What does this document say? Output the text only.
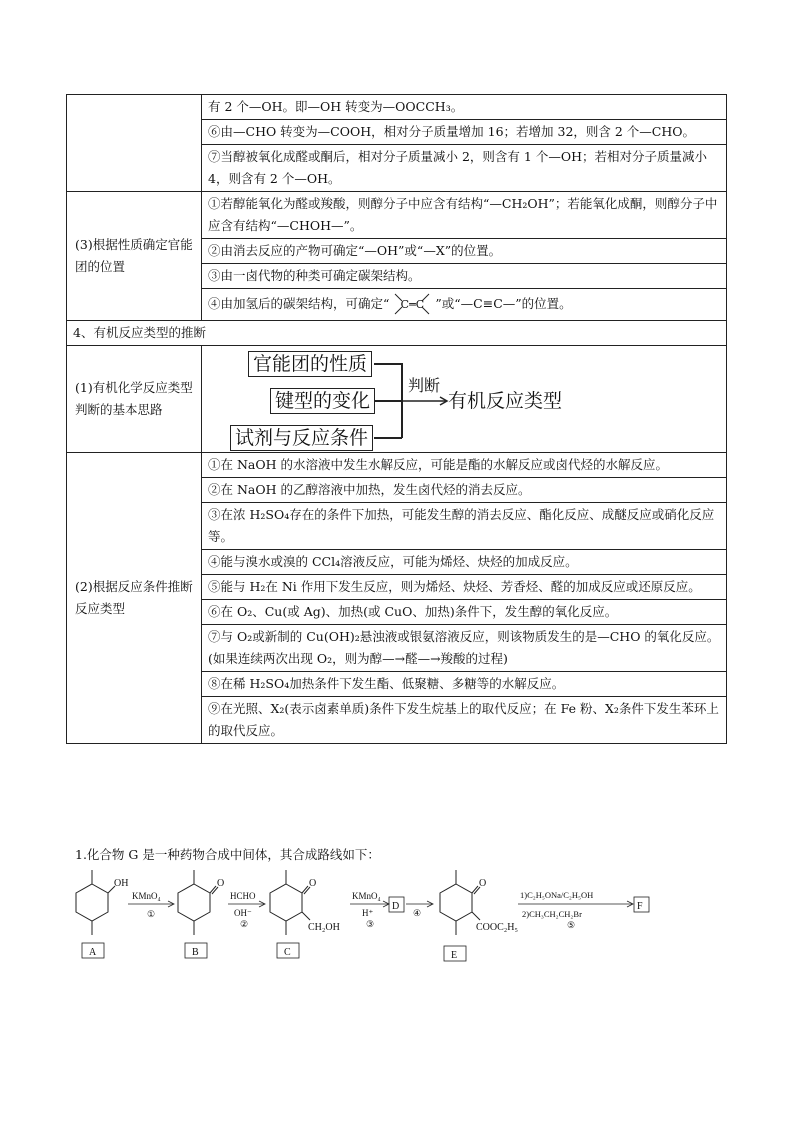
	有 2 个—OH。即—OH 转变为—OOCCH₃。
	⑥由—CHO 转变为—COOH，相对分子质量增加 16；若增加 32，则含 2 个—CHO。
	⑦当醇被氧化成醛或酮后，相对分子质量减小 2，则含有 1 个—OH；若相对分子质量减小 4，则含有 2 个—OH。
(3)根据性质确定官能团的位置	①若醇能氧化为醛或羧酸，则醇分子中应含有结构“—CH₂OH”；若能氧化成酮，则醇分子中应含有结构“—CHOH—”。
	②由消去反应的产物可确定“—OH”或“—X”的位置。
	③由一卤代物的种类可确定碳架结构。
	④由加氢后的碳架结构，可确定“ C═C ”或“—C≡C—”的位置。
4、有机反应类型的推断	
(1)有机化学反应类型判断的基本思路	官能团的性质
键型的变化
试剂与反应条件
判断
有机反应类型

(2)根据反应条件推断反应类型	①在 NaOH 的水溶液中发生水解反应，可能是酯的水解反应或卤代烃的水解反应。
	②在 NaOH 的乙醇溶液中加热，发生卤代烃的消去反应。
	③在浓 H₂SO₄存在的条件下加热，可能发生醇的消去反应、酯化反应、成醚反应或硝化反应等。
	④能与溴水或溴的 CCl₄溶液反应，可能为烯烃、炔烃的加成反应。
	⑤能与 H₂在 Ni 作用下发生反应，则为烯烃、炔烃、芳香烃、醛的加成反应或还原反应。
	⑥在 O₂、Cu(或 Ag)、加热(或 CuO、加热)条件下，发生醇的氧化反应。
	⑦与 O₂或新制的 Cu(OH)₂悬浊液或银氨溶液反应，则该物质发生的是—CHO 的氧化反应。(如果连续两次出现 O₂，则为醇—→醛—→羧酸的过程)
	⑧在稀 H₂SO₄加热条件下发生酯、低聚糖、多糖等的水解反应。
	⑨在光照、X₂(表示卤素单质)条件下发生烷基上的取代反应；在 Fe 粉、X₂条件下发生苯环上的取代反应。
1.化合物 G 是一种药物合成中间体，其合成路线如下：
OH
A
KMnO₄
①
O
B
HCHO
OH⁻
②
O
CH₂OH
C
KMnO₄
H⁺
③
D
④
O
COOC₂H₅
E
1)C₂H₅ONa/C₂H₅OH
2)CH₃CH₂CH₂Br
⑤
F
